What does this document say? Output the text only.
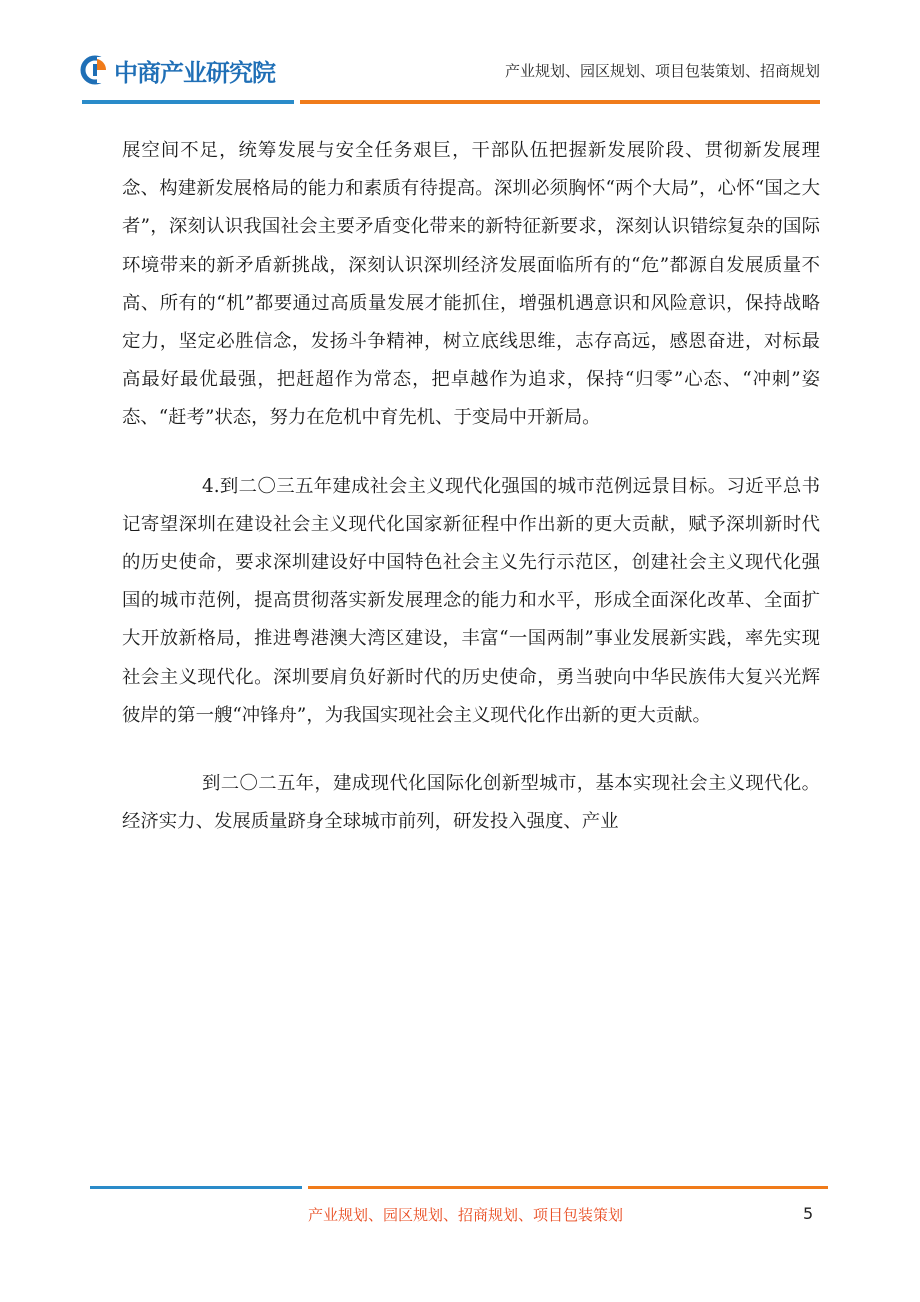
中商产业研究院	产业规划、园区规划、项目包装策划、招商规划

展空间不足，统筹发展与安全任务艰巨，干部队伍把握新发展阶段、贯彻新发展理念、构建新发展格局的能力和素质有待提高。深圳必须胸怀“两个大局”，心怀“国之大者”，深刻认识我国社会主要矛盾变化带来的新特征新要求，深刻认识错综复杂的国际环境带来的新矛盾新挑战，深刻认识深圳经济发展面临所有的“危”都源自发展质量不高、所有的“机”都要通过高质量发展才能抓住，增强机遇意识和风险意识，保持战略定力，坚定必胜信念，发扬斗争精神，树立底线思维，志存高远，感恩奋进，对标最高最好最优最强，把赶超作为常态，把卓越作为追求，保持“归零”心态、“冲刺”姿态、“赶考”状态，努力在危机中育先机、于变局中开新局。

4.到二〇三五年建成社会主义现代化强国的城市范例远景目标。习近平总书记寄望深圳在建设社会主义现代化国家新征程中作出新的更大贡献，赋予深圳新时代的历史使命，要求深圳建设好中国特色社会主义先行示范区，创建社会主义现代化强国的城市范例，提高贯彻落实新发展理念的能力和水平，形成全面深化改革、全面扩大开放新格局，推进粤港澳大湾区建设，丰富“一国两制”事业发展新实践，率先实现社会主义现代化。深圳要肩负好新时代的历史使命，勇当驶向中华民族伟大复兴光辉彼岸的第一艘“冲锋舟”，为我国实现社会主义现代化作出新的更大贡献。

到二〇二五年，建成现代化国际化创新型城市，基本实现社会主义现代化。经济实力、发展质量跻身全球城市前列，研发投入强度、产业

产业规划、园区规划、招商规划、项目包装策划	5
